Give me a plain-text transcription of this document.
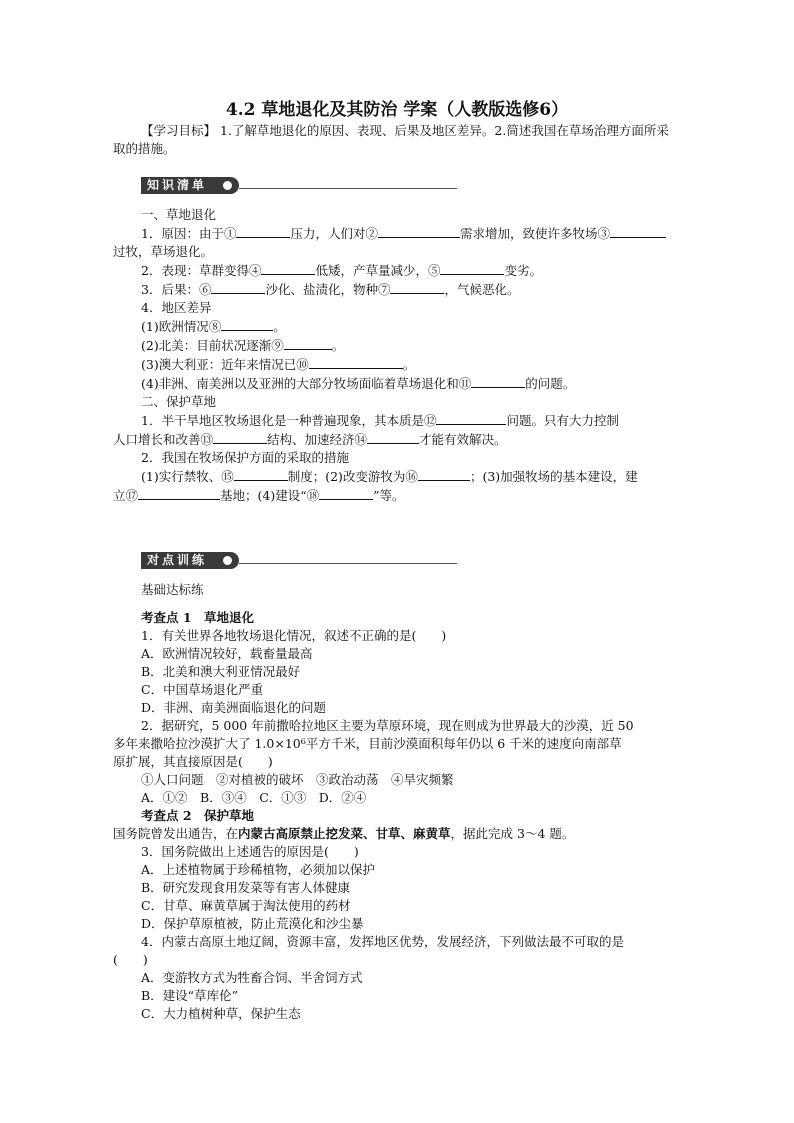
4.2 草地退化及其防治 学案（人教版选修6）

【学习目标】 1.了解草地退化的原因、表现、后果及地区差异。2.简述我国在草场治理方面所采取的措施。

知识清单

一、草地退化

1．原因：由于①	压力，人们对②	需求增加，致使许多牧场③

过牧，草场退化。

2．表现：草群变得④	低矮，产草量减少，⑤	变劣。

3．后果：⑥	沙化、盐渍化，物种⑦	，气候恶化。

4．地区差异

(1)欧洲情况⑧	。

(2)北美：目前状况逐渐⑨	。

(3)澳大利亚：近年来情况已⑩	。

(4)非洲、南美洲以及亚洲的大部分牧场面临着草场退化和⑪	的问题。

二、保护草地

1．半干旱地区牧场退化是一种普遍现象，其本质是⑫	问题。只有大力控制

人口增长和改善⑬	结构、加速经济⑭	才能有效解决。

2．我国在牧场保护方面的采取的措施

(1)实行禁牧、⑮	制度；(2)改变游牧为⑯	；(3)加强牧场的基本建设，建

立⑰	基地；(4)建设“⑱	”等。

对点训练

基础达标练

考查点 1　草地退化

1．有关世界各地牧场退化情况，叙述不正确的是(　　)

A．欧洲情况较好，载畜量最高

B．北美和澳大利亚情况最好

C．中国草场退化严重

D．非洲、南美洲面临退化的问题

2．据研究，5 000 年前撒哈拉地区主要为草原环境，现在则成为世界最大的沙漠，近 50

多年来撒哈拉沙漠扩大了 1.0×10⁶平方千米，目前沙漠面积每年仍以 6 千米的速度向南部草

原扩展，其直接原因是(　　)

①人口问题　②对植被的破坏　③政治动荡　④旱灾频繁

A．①②　B．③④　C．①③　D．②④

考查点 2　保护草地

国务院曾发出通告，在内蒙古高原禁止挖发菜、甘草、麻黄草，据此完成 3～4 题。

3．国务院做出上述通告的原因是(　　)

A．上述植物属于珍稀植物，必须加以保护

B．研究发现食用发菜等有害人体健康

C．甘草、麻黄草属于淘汰使用的药材

D．保护草原植被，防止荒漠化和沙尘暴

4．内蒙古高原土地辽阔，资源丰富，发挥地区优势，发展经济，下列做法最不可取的是

(　　)

A．变游牧方式为牲畜合饲、半舍饲方式

B．建设“草库伦”

C．大力植树种草，保护生态
